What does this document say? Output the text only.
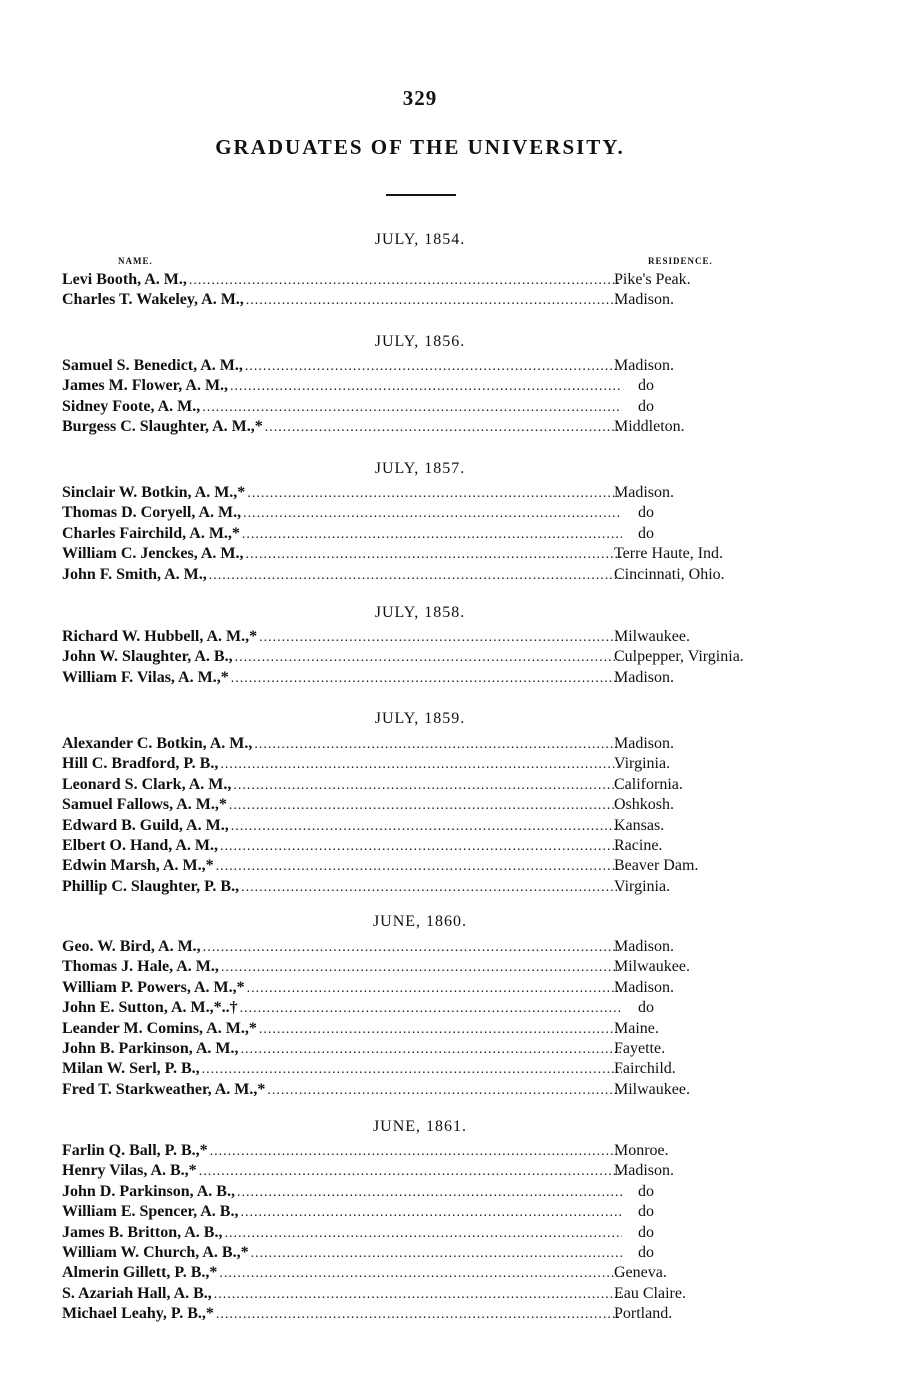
329
GRADUATES OF THE UNIVERSITY.
NAME.	RESIDENCE.
JULY, 1854.
Levi Booth, A. M., .....	Pike's Peak.
Charles T. Wakeley, A. M., .....	Madison.
JULY, 1856.
Samuel S. Benedict, A. M., .....	Madison.
James M. Flower, A. M., .....	do
Sidney Foote, A. M., .....	do
Burgess C. Slaughter, A. M.,* .....	Middleton.
JULY, 1857.
Sinclair W. Botkin, A. M.,* .....	Madison.
Thomas D. Coryell, A. M., .....	do
Charles Fairchild, A. M.,* .....	do
William C. Jenckes, A. M., .....	Terre Haute, Ind.
John F. Smith, A. M., .....	Cincinnati, Ohio.
JULY, 1858.
Richard W. Hubbell, A. M.,* .....	Milwaukee.
John W. Slaughter, A. B., .....	Culpepper, Virginia.
William F. Vilas, A. M.,* .....	Madison.
JULY, 1859.
Alexander C. Botkin, A. M., .....	Madison.
Hill C. Bradford, P. B., .....	Virginia.
Leonard S. Clark, A. M., .....	California.
Samuel Fallows, A. M.,* .....	Oshkosh.
Edward B. Guild, A. M., .....	Kansas.
Elbert O. Hand, A. M., .....	Racine.
Edwin Marsh, A. M.,* .....	Beaver Dam.
Phillip C. Slaughter, P. B., .....	Virginia.
JUNE, 1860.
Geo. W. Bird, A. M., .....	Madison.
Thomas J. Hale, A. M., .....	Milwaukee.
William P. Powers, A. M.,* .....	Madison.
John E. Sutton, A. M.,*..† .....	do
Leander M. Comins, A. M.,* .....	Maine.
John B. Parkinson, A. M., .....	Fayette.
Milan W. Serl, P. B., .....	Fairchild.
Fred T. Starkweather, A. M.,* .....	Milwaukee.
JUNE, 1861.
Farlin Q. Ball, P. B.,* .....	Monroe.
Henry Vilas, A. B.,* .....	Madison.
John D. Parkinson, A. B., .....	do
William E. Spencer, A. B., .....	do
James B. Britton, A. B., .....	do
William W. Church, A. B.,* .....	do
Almerin Gillett, P. B.,* .....	Geneva.
S. Azariah Hall, A. B., .....	Eau Claire.
Michael Leahy, P. B.,* .....	Portland.
